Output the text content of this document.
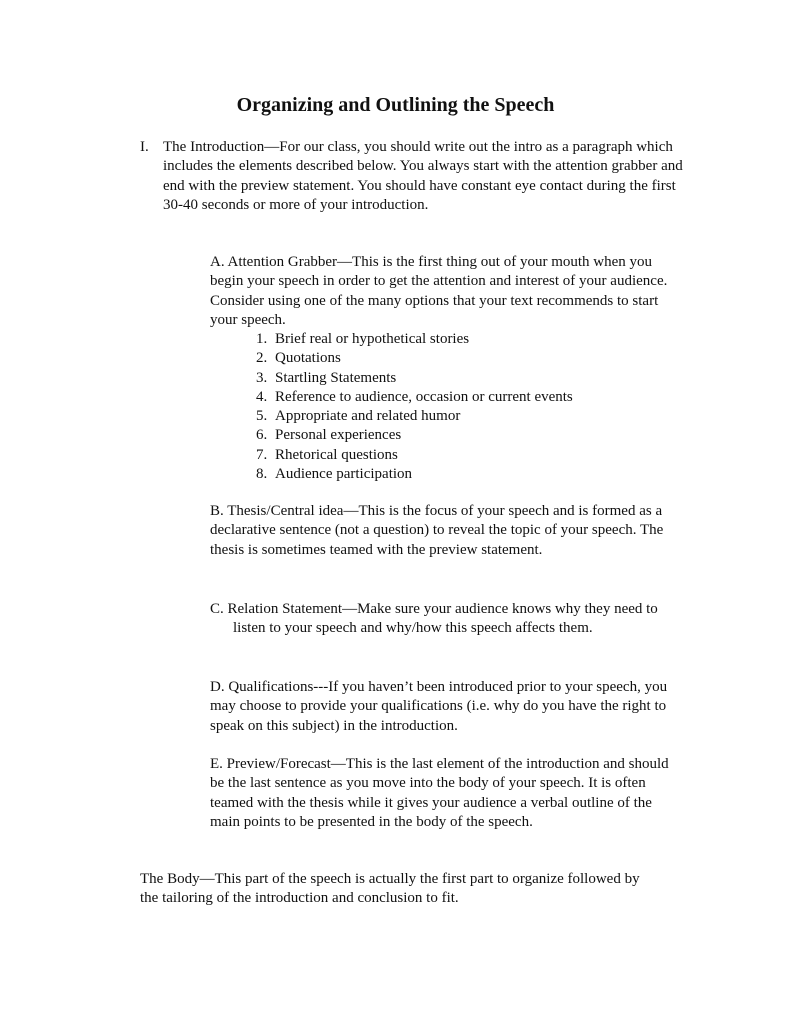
Organizing and Outlining the Speech

I. The Introduction—For our class, you should write out the intro as a paragraph which includes the elements described below. You always start with the attention grabber and end with the preview statement. You should have constant eye contact during the first 30-40 seconds or more of your introduction.

A. Attention Grabber—This is the first thing out of your mouth when you begin your speech in order to get the attention and interest of your audience. Consider using one of the many options that your text recommends to start your speech.

1. Brief real or hypothetical stories
2. Quotations
3. Startling Statements
4. Reference to audience, occasion or current events
5. Appropriate and related humor
6. Personal experiences
7. Rhetorical questions
8. Audience participation

B. Thesis/Central idea—This is the focus of your speech and is formed as a declarative sentence (not a question) to reveal the topic of your speech. The thesis is sometimes teamed with the preview statement.

C. Relation Statement—Make sure your audience knows why they need to listen to your speech and why/how this speech affects them.

D. Qualifications---If you haven’t been introduced prior to your speech, you may choose to provide your qualifications (i.e. why do you have the right to speak on this subject) in the introduction.

E. Preview/Forecast—This is the last element of the introduction and should be the last sentence as you move into the body of your speech. It is often teamed with the thesis while it gives your audience a verbal outline of the main points to be presented in the body of the speech.

The Body—This part of the speech is actually the first part to organize followed by the tailoring of the introduction and conclusion to fit.
